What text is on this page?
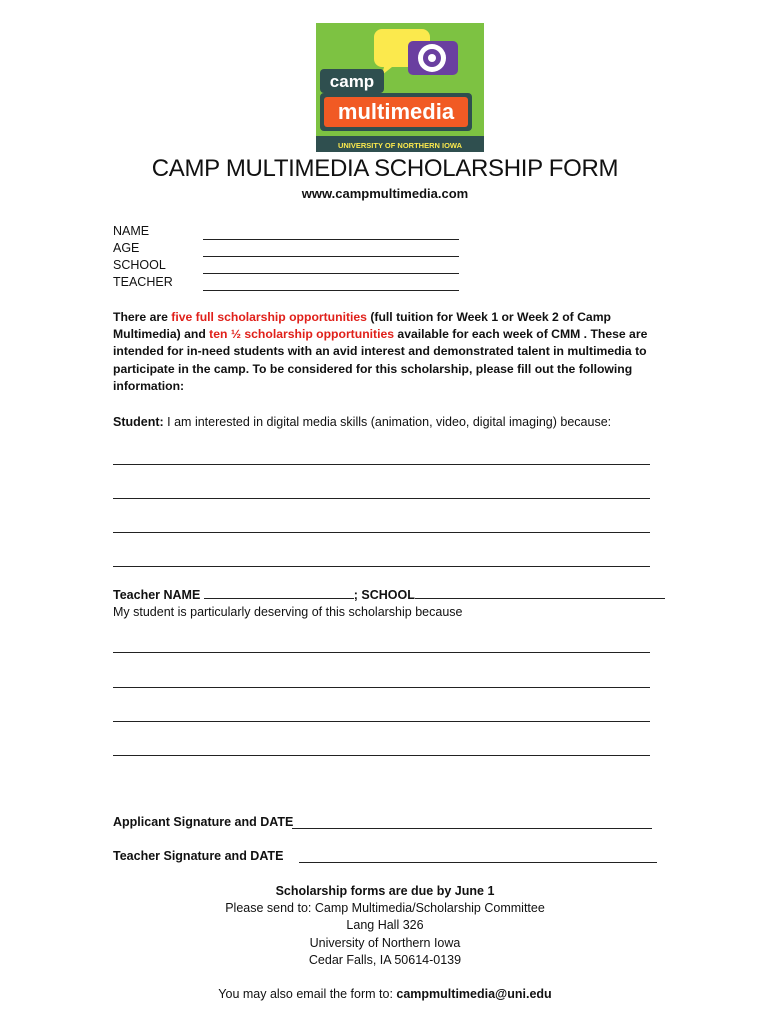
camp
multimedia
UNIVERSITY OF NORTHERN IOWA
CAMP MULTIMEDIA SCHOLARSHIP FORM
www.campmultimedia.com
NAME
AGE
SCHOOL
TEACHER
There are five full scholarship opportunities (full tuition for Week 1 or Week 2 of Camp Multimedia) and ten ½ scholarship opportunities available for each week of CMM . These are intended for in-need students with an avid interest and demonstrated talent in multimedia to participate in the camp. To be considered for this scholarship, please fill out the following information:
Student: I am interested in digital media skills (animation, video, digital imaging) because:
Teacher NAME	; SCHOOL
My student is particularly deserving of this scholarship because
Applicant Signature and DATE
Teacher Signature and DATE
Scholarship forms are due by June 1
Please send to: Camp Multimedia/Scholarship Committee
Lang Hall 326
University of Northern Iowa
Cedar Falls, IA 50614-0139
You may also email the form to: campmultimedia@uni.edu
